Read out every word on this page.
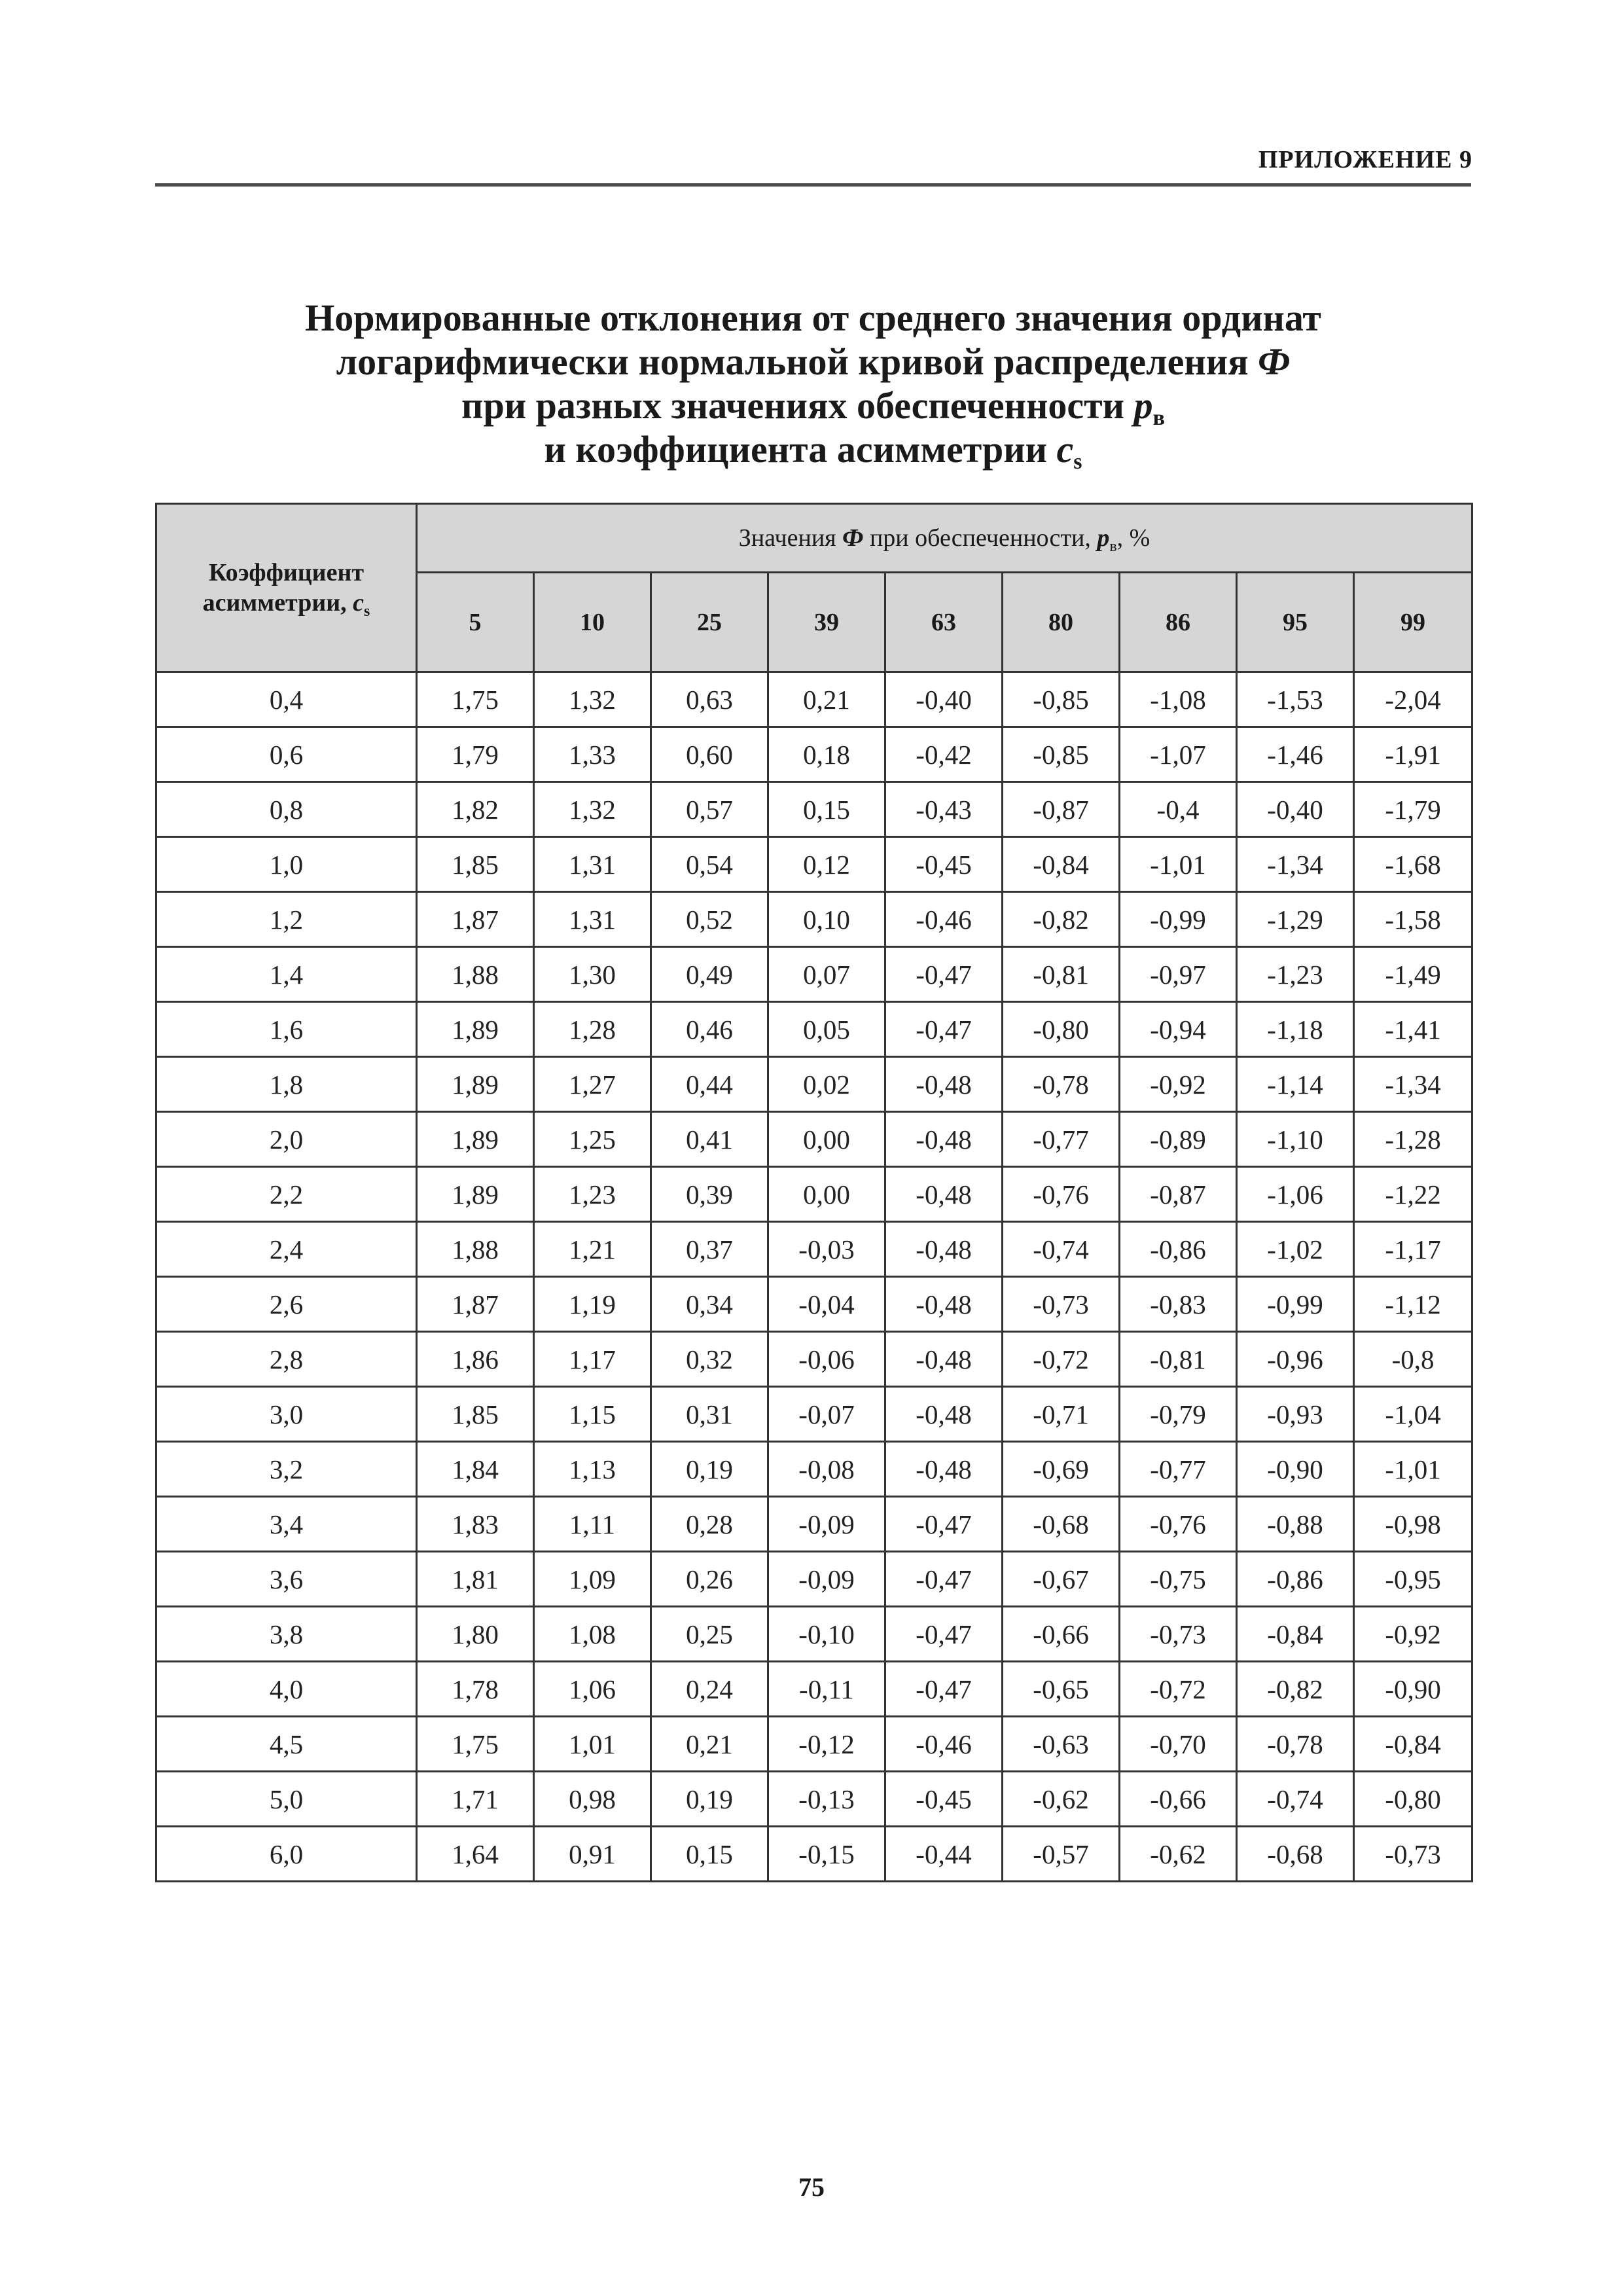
ПРИЛОЖЕНИЕ 9
Нормированные отклонения от среднего значения ординат
логарифмически нормальной кривой распределения Ф
при разных значениях обеспеченности $p_в$
и коэффициента асимметрии $c_s$
Коэффициент
асимметрии, $c_s$	Значения Ф при обеспеченности, $p_в$, %								
	5	10	25	39	63	80	86	95	99
0,4	1,75	1,32	0,63	0,21	-0,40	-0,85	-1,08	-1,53	-2,04
0,6	1,79	1,33	0,60	0,18	-0,42	-0,85	-1,07	-1,46	-1,91
0,8	1,82	1,32	0,57	0,15	-0,43	-0,87	-0,4	-0,40	-1,79
1,0	1,85	1,31	0,54	0,12	-0,45	-0,84	-1,01	-1,34	-1,68
1,2	1,87	1,31	0,52	0,10	-0,46	-0,82	-0,99	-1,29	-1,58
1,4	1,88	1,30	0,49	0,07	-0,47	-0,81	-0,97	-1,23	-1,49
1,6	1,89	1,28	0,46	0,05	-0,47	-0,80	-0,94	-1,18	-1,41
1,8	1,89	1,27	0,44	0,02	-0,48	-0,78	-0,92	-1,14	-1,34
2,0	1,89	1,25	0,41	0,00	-0,48	-0,77	-0,89	-1,10	-1,28
2,2	1,89	1,23	0,39	0,00	-0,48	-0,76	-0,87	-1,06	-1,22
2,4	1,88	1,21	0,37	-0,03	-0,48	-0,74	-0,86	-1,02	-1,17
2,6	1,87	1,19	0,34	-0,04	-0,48	-0,73	-0,83	-0,99	-1,12
2,8	1,86	1,17	0,32	-0,06	-0,48	-0,72	-0,81	-0,96	-0,8
3,0	1,85	1,15	0,31	-0,07	-0,48	-0,71	-0,79	-0,93	-1,04
3,2	1,84	1,13	0,19	-0,08	-0,48	-0,69	-0,77	-0,90	-1,01
3,4	1,83	1,11	0,28	-0,09	-0,47	-0,68	-0,76	-0,88	-0,98
3,6	1,81	1,09	0,26	-0,09	-0,47	-0,67	-0,75	-0,86	-0,95
3,8	1,80	1,08	0,25	-0,10	-0,47	-0,66	-0,73	-0,84	-0,92
4,0	1,78	1,06	0,24	-0,11	-0,47	-0,65	-0,72	-0,82	-0,90
4,5	1,75	1,01	0,21	-0,12	-0,46	-0,63	-0,70	-0,78	-0,84
5,0	1,71	0,98	0,19	-0,13	-0,45	-0,62	-0,66	-0,74	-0,80
6,0	1,64	0,91	0,15	-0,15	-0,44	-0,57	-0,62	-0,68	-0,73
75
